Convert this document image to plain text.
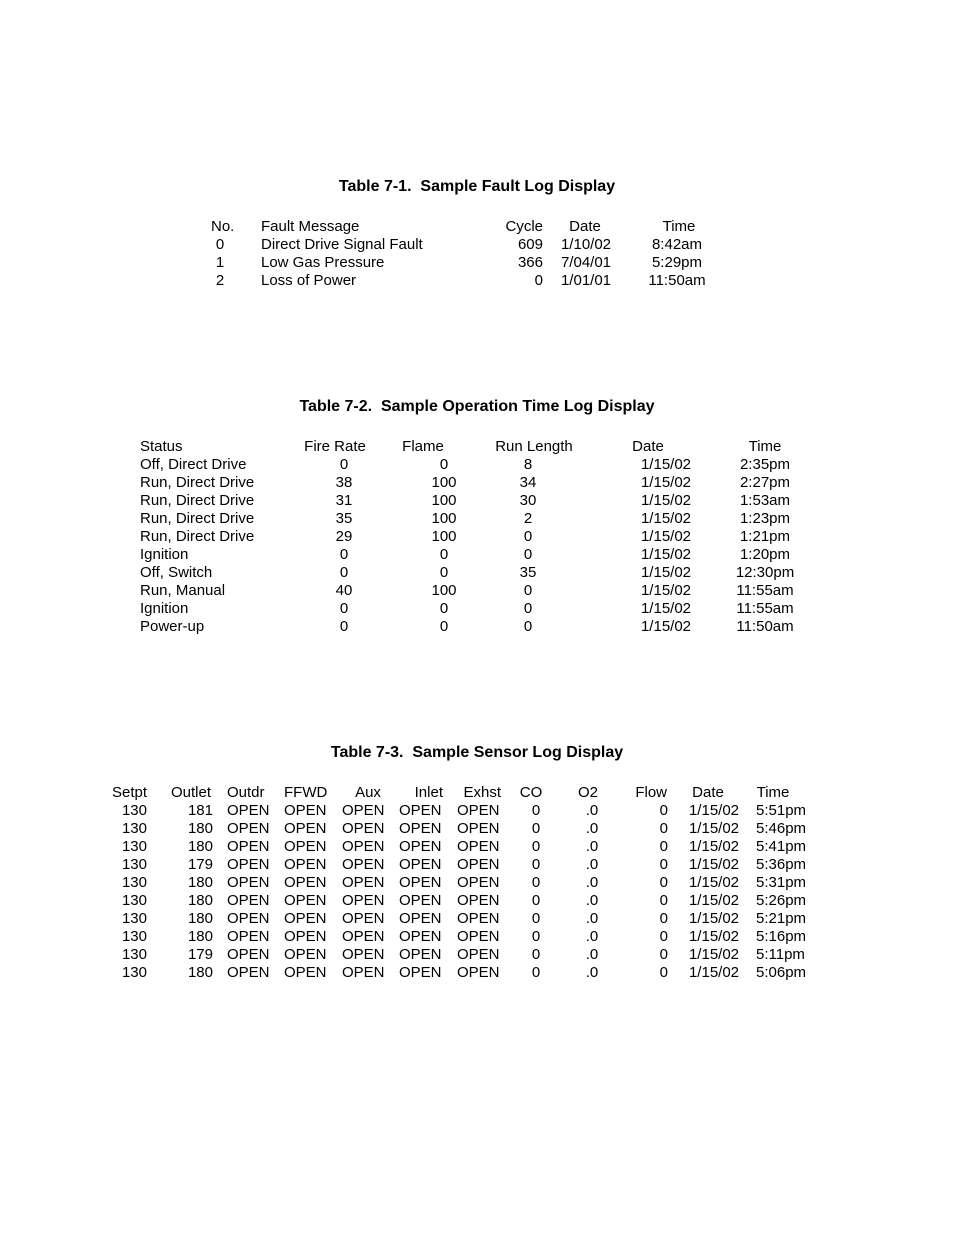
Table 7-1.  Sample Fault Log Display
No. Fault Message	Cycle	Date	Time
0	Direct Drive Signal Fault	609	1/10/02	8:42am
1	Low Gas Pressure	366	7/04/01	5:29pm
2	Loss of Power	0	1/01/01	11:50am
Table 7-2.  Sample Operation Time Log Display
Status	Fire Rate	Flame	Run Length	Date	Time
Off, Direct Drive	0	0	8	1/15/02	2:35pm
Run, Direct Drive	38	100	34	1/15/02	2:27pm
Run, Direct Drive	31	100	30	1/15/02	1:53am
Run, Direct Drive	35	100	2	1/15/02	1:23pm
Run, Direct Drive	29	100	0	1/15/02	1:21pm
Ignition	0	0	0	1/15/02	1:20pm
Off, Switch	0	0	35	1/15/02	12:30pm
Run, Manual	40	100	0	1/15/02	11:55am
Ignition	0	0	0	1/15/02	11:55am
Power-up	0	0	0	1/15/02	11:50am
Table 7-3.  Sample Sensor Log Display
Setpt	Outlet Outdr FFWD	Aux	Inlet	Exhst	CO	O2	Flow	Date	Time
130	181 OPEN OPEN OPEN OPEN OPEN	0	.0	0	1/15/02	5:51pm
130	180 OPEN OPEN OPEN OPEN OPEN	0	.0	0	1/15/02	5:46pm
130	180 OPEN OPEN OPEN OPEN OPEN	0	.0	0	1/15/02	5:41pm
130	179 OPEN OPEN OPEN OPEN OPEN	0	.0	0	1/15/02	5:36pm
130	180 OPEN OPEN OPEN OPEN OPEN	0	.0	0	1/15/02	5:31pm
130	180 OPEN OPEN OPEN OPEN OPEN	0	.0	0	1/15/02	5:26pm
130	180 OPEN OPEN OPEN OPEN OPEN	0	.0	0	1/15/02	5:21pm
130	180 OPEN OPEN OPEN OPEN OPEN	0	.0	0	1/15/02	5:16pm
130	179 OPEN OPEN OPEN OPEN OPEN	0	.0	0	1/15/02	5:11pm
130	180 OPEN OPEN OPEN OPEN OPEN	0	.0	0	1/15/02	5:06pm
